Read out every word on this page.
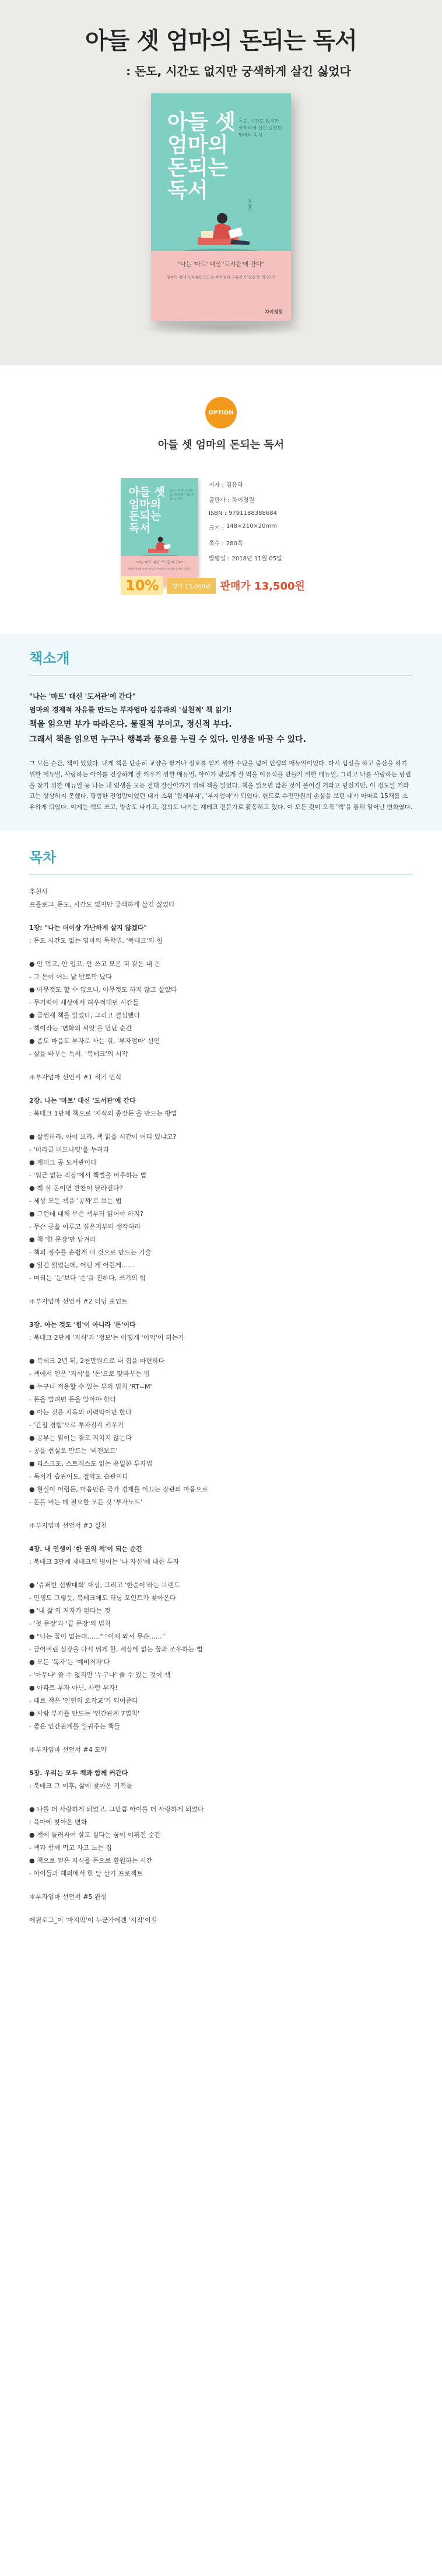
아들 셋 엄마의 돈되는 독서

: 돈도, 시간도 없지만 궁색하게 살긴 싫었다

아들 셋
엄마의
돈되는
독서
돈도, 시간도 없지만
궁색하게 살긴 싫었던
엄마의 독서
김유라
"나는 '마트' 대신 '도서관'에 간다"
엄마의 경제적 자유를 만드는 부자엄마 김유라의 '실천적' 책 읽기!
차이정원
OPTION
아들 셋 엄마의 돈되는 독서
아들 셋
엄마의
돈되는
독서
돈도, 시간도 없지만
궁색하게 살긴 싫었던
엄마의 독서
"나는 '마트' 대신 '도서관'에 간다"
엄마의 경제적 자유를 만드는 부자엄마 김유라의 '실천적' 책 읽기!
저자 : 김유라
출판사 : 차이정원
ISBN : 9791188388684
크기 : 148×210×20mm
쪽수 : 280쪽
발행일 : 2018년 11월 05일
10%	정가 15,000원 판매가 13,500원
책소개
"나는 '마트' 대신 '도서관'에 간다"
엄마의 경제적 자유를 만드는 부자엄마 김유라의 '실천적' 책 읽기!
책을 읽으면 부가 따라온다. 물질적 부이고, 정신적 부다.
그래서 책을 읽으면 누구나 행복과 풍요를 누릴 수 있다. 인생을 바꿀 수 있다.

그 모든 순간, 책이 있었다. 내게 책은 단순히 교양을 쌓거나 정보를 얻기 위한 수단을 넘어 인생의 매뉴얼이었다. 다시 임신을 하고 출산을 하기 위한 매뉴얼, 사랑하는 아이를 건강하게 잘 키우기 위한 매뉴얼, 아이가 맞있게 잘 먹을 이유식을 만들기 위한 매뉴얼, 그리고 나를 사랑하는 방법을 찾기 위한 매뉴얼 등 나는 내 인생을 모든 절대 잘살아가기 위해 책을 읽었다. 책을 읽으면 많은 것이 풀어질 거라고 믿었지만, 이 정도일 거라고는 상상하지 못했다. 평범한 전업맘이었던 내가 소위 '월세부자', '부자엄마'가 되었다. 헌드로 수전만원의 손실을 보던 내가 아파트 15채를 소유하게 되었다. 이제는 책도 쓰고, 방송도 나가고, 강의도 나가는 재테크 전문가로 활동하고 있다. 이 모든 것이 오직 '책'을 통해 일어난 변화였다.

목차
추천사
프롤로그_돈도, 시간도 없지만 궁색하게 살긴 싫었다
1장: "나는 더이상 가난하게 살지 않겠다"
: 돈도 시간도 없는 엄마의 독학법, '북테크'의 힘
● 안 먹고, 안 입고, 안 쓰고 모은 피 같은 내 돈
- 그 돈이 어느 날 반토막 났다
● 아무것도 할 수 없으니, 아무것도 하지 않고 살았다
- 무기력이 세상에서 허우적대던 시간들
● 글썬새 책을 읽었다, 그리고 결심했다
- 책이라는 '변화의 씨앗'을 만난 순간
● 좀도 마음도 부자로 사는 길, '부자엄마' 선언
- 살을 바꾸는 독서, '북테크'의 시작
＊부자엄마 선언서 #1 위기 인식
2장. 나는 '마트' 대신 '도서관'에 간다
: 북테크 1단계 책으로 '지식의 종잣돈'을 만드는 방법
● 살림하라, 아이 보라, 책 읽을 시간이 어디 있냐고?
- '미라클 미드나잇'을 누려라
● 재테크 공 도서관이다
- '워근 없는 직장'에서 책벌을 버주하는 법
● 책 살 돈이면 반찬이 달라진다?
- 세상 모든 책을 '공짜'로 보는 법
● 그런데 대체 무슨 책부터 읽어야 하지?
- 무슨 공을 이루고 싶은지부터 생각하라
● 책 '한 문장'만 남겨라
- 책의 정수를 손쉽게 내 것으로 만드는 기술
● 읽긴 읽었는데, 어떤 게 어렵게……
- 머리는 '눈'보다 '손'을 진하다, 쓰기의 힘
＊부자엄마 선언서 #2 터닝 포인트
3장. 아는 것도 '힘'이 아니라 '돈'이다
: 북테크 2단계 '지식'과 '정보'는 어떻게 '이익'이 되는가
● 북테크 2년 뒤, 2천만원으로 내 집을 마련하다
- 책에서 얻은 '지식'을 '돈'으로 맞바꾸는 법
● 누구나 적용할 수 있는 부의 법칙 'RT=M'
- 돈을 벌려면 돈을 알아야 한다
● 아는 것은 지옥의 피력막이만 한다
- '간접 경험'으로 투자감각 키우기
● 공부는 일이는 결코 지치지 않는다
- 공을 현실로 만드는 '비전보드'
● 리스크도, 스트레스도 없는 유일한 투자법
- 독서가 습관이도, 절약도 습관이다
● 현실이 어렵돈, 마음만은 국가 경제를 이끄는 장관의 마음으로
- 돈을 버는 데 필요한 모든 것 '부자노트'
＊부자엄마 선언서 #3 실천
4장. 내 인생이 '한 권의 책'이 되는 순간
: 북테크 3단계 재테크의 병이는 '나 자신'에 대한 투자
● '슈퍼반 선발대회' 대상, 그리고 '한순이'라는 브랜드
- 인생도 그렇듯, 북테크에도 터닝 포인트가 찾아온다
● '내 삶'의 저자가 된다는 것
- '첫 문장'과 '끝 문장'의 법칙
● "나는 꿈이 없는데……" "이제 와서 무슨……"
- 금어버린 심장을 다시 뛰게 할, 세상에 없는 꿈과 조우하는 법
● 모든 '독자'는 '예비저자'다
- '아무나' 쓸 수 없지만 '누구나' 쓸 수 있는 것이 책
● 아파트 부자 아닌, 사람 부자!
- 때로 책은 '인연의 오작교'가 되어준다
● 사람 부자를 만드는 '인간관계 7법칙'
- 좋은 인간관계를 일궈주는 책들
＊부자엄마 선언서 #4 도약
5장. 우리는 모두 책과 함께 커간다
: 북테크 그 이후, 삶에 찾아온 기적들
● 나를 더 사랑하게 되었고, 그만큼 아이를 더 사랑하게 되었다
: 육아에 찾아온 변화
● 책에 둘러싸여 살고 싶다는 꿈이 이뤄진 순간
- 책과 함께 먹고 자고 노는 집
● 책으로 얻은 지식을 돈으로 환원하는 시간
- 아이들과 해외에서 한 달 살기 프로젝트
＊부자엄마 선언서 #5 완성
에필로그_이 '마지막'이 누군가에겐 '시작'이길
